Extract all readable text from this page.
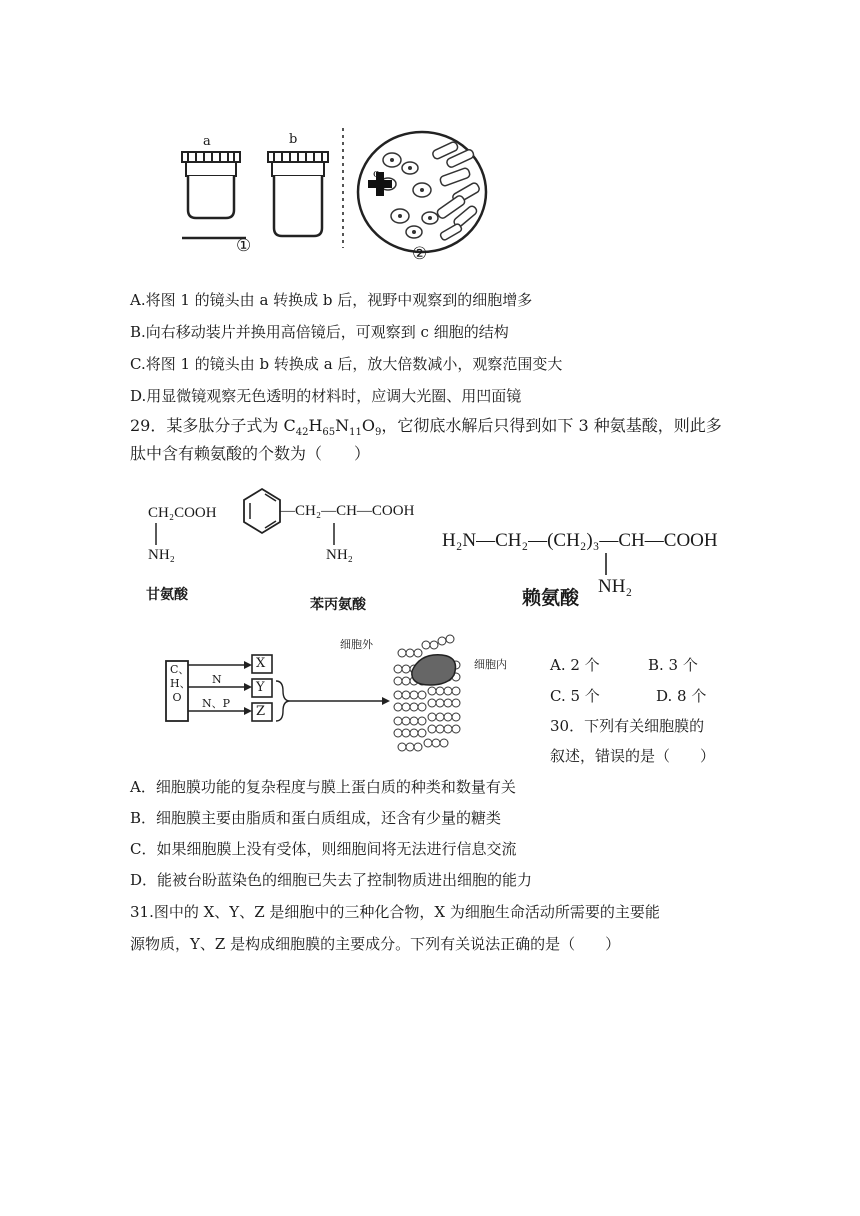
a	b
c
①	②
A.将图 1 的镜头由 a 转换成 b 后，视野中观察到的细胞增多
B.向右移动装片并换用高倍镜后，可观察到 c 细胞的结构
C.将图 1 的镜头由 b 转换成 a 后，放大倍数减小，观察范围变大
D.用显微镜观察无色透明的材料时，应调大光圈、用凹面镜
29．某多肽分子式为 $C_{42}H_{65}N_{11}O_9$，它彻底水解后只得到如下 3 种氨基酸，则此多
肽中含有赖氨酸的个数为（　　）
CH₂COOH
NH₂
甘氨酸
—CH₂—CH—COOH
NH₂
苯丙氨酸
H₂N—CH₂—(CH₂)₃—CH—COOH
NH₂
赖氨酸
C、H、O
N
N、P
X
Y
Z
细胞外
细胞内	A. 2 个	B. 3 个
C. 5 个	D. 8 个
30．下列有关细胞膜的
叙述，错误的是（　　）
A．细胞膜功能的复杂程度与膜上蛋白质的种类和数量有关
B．细胞膜主要由脂质和蛋白质组成，还含有少量的糖类
C．如果细胞膜上没有受体，则细胞间将无法进行信息交流
D．能被台盼蓝染色的细胞已失去了控制物质进出细胞的能力
31.图中的 X、Y、Z 是细胞中的三种化合物，X 为细胞生命活动所需要的主要能
源物质，Y、Z 是构成细胞膜的主要成分。下列有关说法正确的是（　　）
